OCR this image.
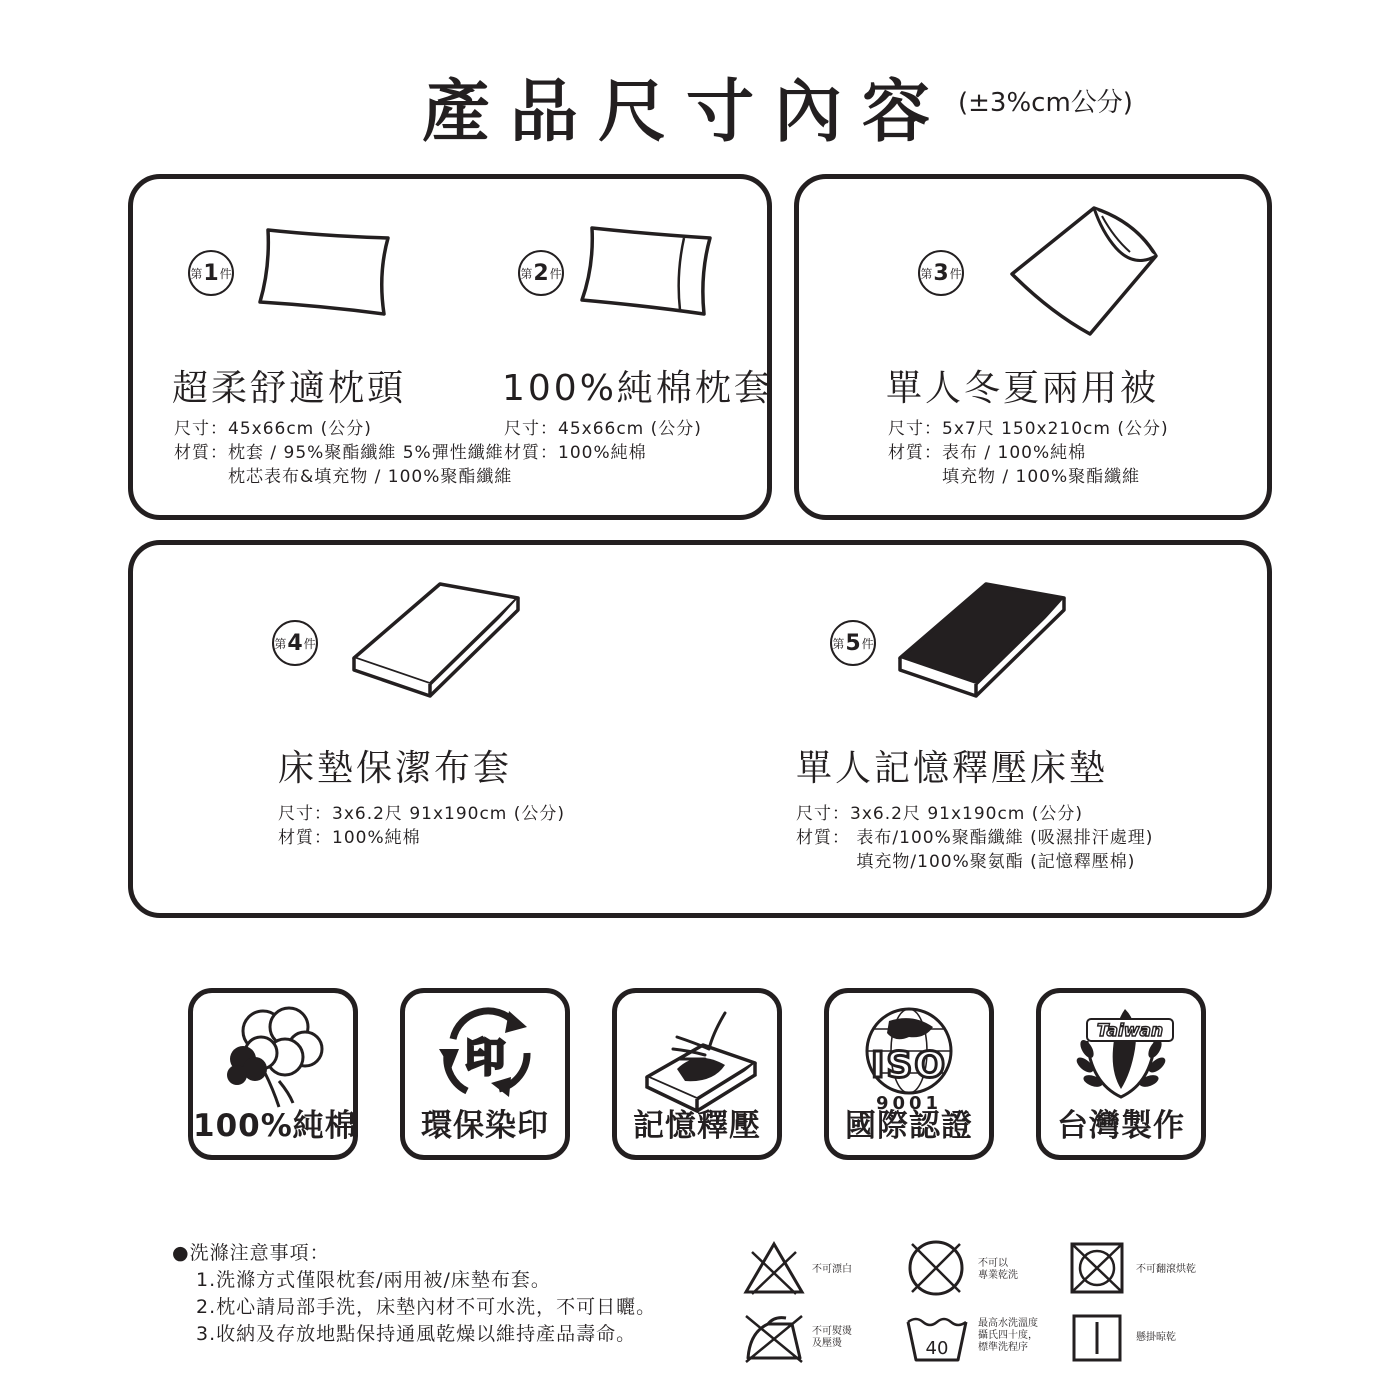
產品尺寸內容 (±3%cm公分)
第 1 件
超柔舒適枕頭
尺寸：45x66cm (公分)
材質：枕套 / 95%聚酯纖維 5%彈性纖維
　　　枕芯表布&填充物 / 100%聚酯纖維
第 2 件
100%純棉枕套
尺寸：45x66cm (公分)
材質：100%純棉
第 3 件
單人冬夏兩用被
尺寸：5x7尺 150x210cm (公分)
材質：表布 / 100%純棉
　　　填充物 / 100%聚酯纖維
第 4 件
床墊保潔布套
尺寸：3x6.2尺 91x190cm (公分)
材質：100%純棉
第 5 件
單人記憶釋壓床墊
尺寸：3x6.2尺 91x190cm (公分)
材質： 表布/100%聚酯纖維 (吸濕排汗處理)
　　　 填充物/100%聚氨酯 (記憶釋壓棉)
100%純棉
印
環保染印	記憶釋壓
ISO
9001
國際認證
Taiwan
台灣製作
●洗滌注意事項：
1.洗滌方式僅限枕套/兩用被/床墊布套。
2.枕心請局部手洗，床墊內材不可水洗，不可日曬。
3.收納及存放地點保持通風乾燥以維持產品壽命。
不可漂白
不可以
專業乾洗
不可翻滾烘乾
不可熨燙
及壓燙	40
最高水洗溫度
攝氏四十度，
標準洗程序
懸掛晾乾
